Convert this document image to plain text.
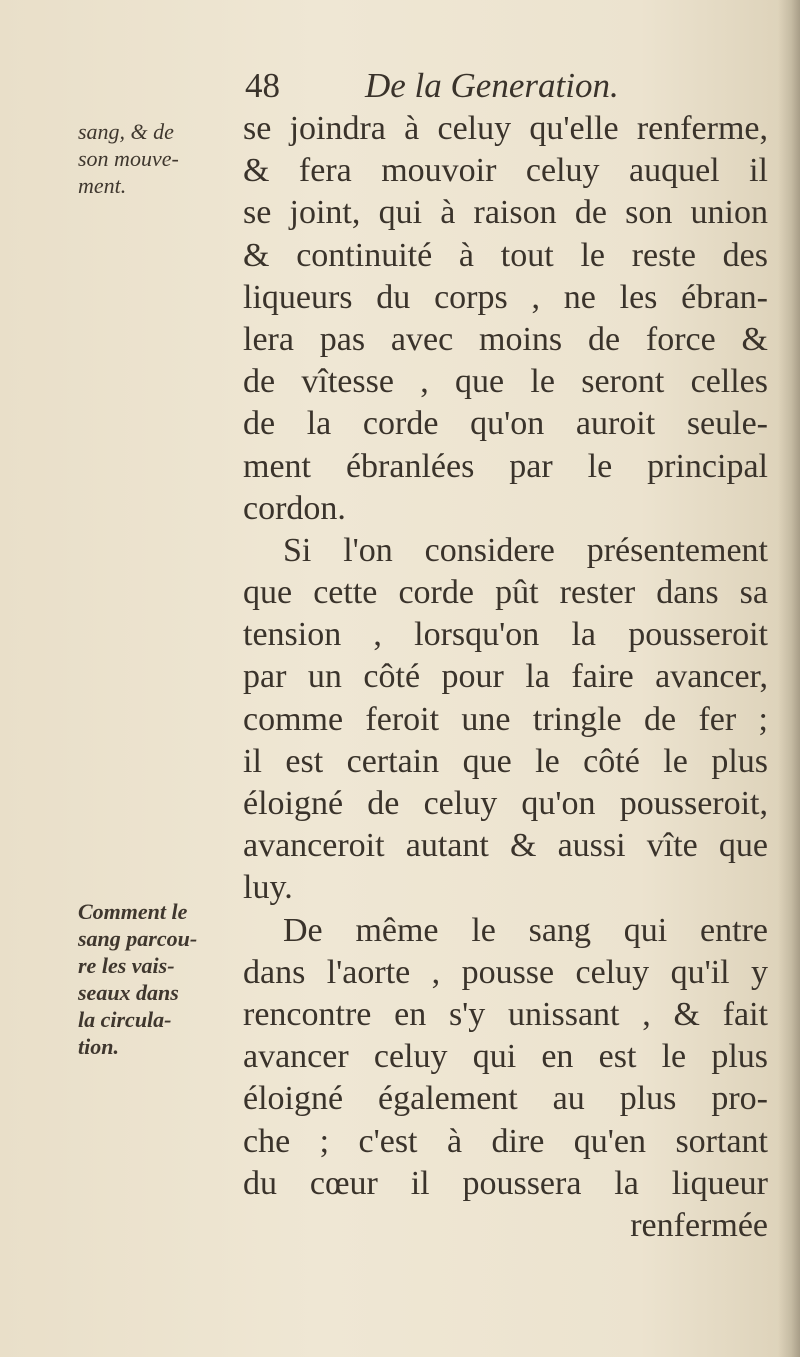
48 De la Generation.
sang, & de
son mouve-
ment.
Comment le
sang parcou-
re les vais-
seaux dans
la circula-
tion.
se joindra à celuy qu'elle renferme,
& fera mouvoir celuy auquel il
se joint, qui à raison de son union
& continuité à tout le reste des
liqueurs du corps , ne les ébran-
lera pas avec moins de force &
de vîtesse , que le seront celles
de la corde qu'on auroit seule-
ment ébranlées par le principal
cordon.
Si l'on considere présentement
que cette corde pût rester dans sa
tension , lorsqu'on la pousseroit
par un côté pour la faire avancer,
comme feroit une tringle de fer ;
il est certain que le côté le plus
éloigné de celuy qu'on pousseroit,
avanceroit autant & aussi vîte que
luy.
De même le sang qui entre
dans l'aorte , pousse celuy qu'il y
rencontre en s'y unissant , & fait
avancer celuy qui en est le plus
éloigné également au plus pro-
che ; c'est à dire qu'en sortant
du cœur il poussera la liqueur
renfermée
